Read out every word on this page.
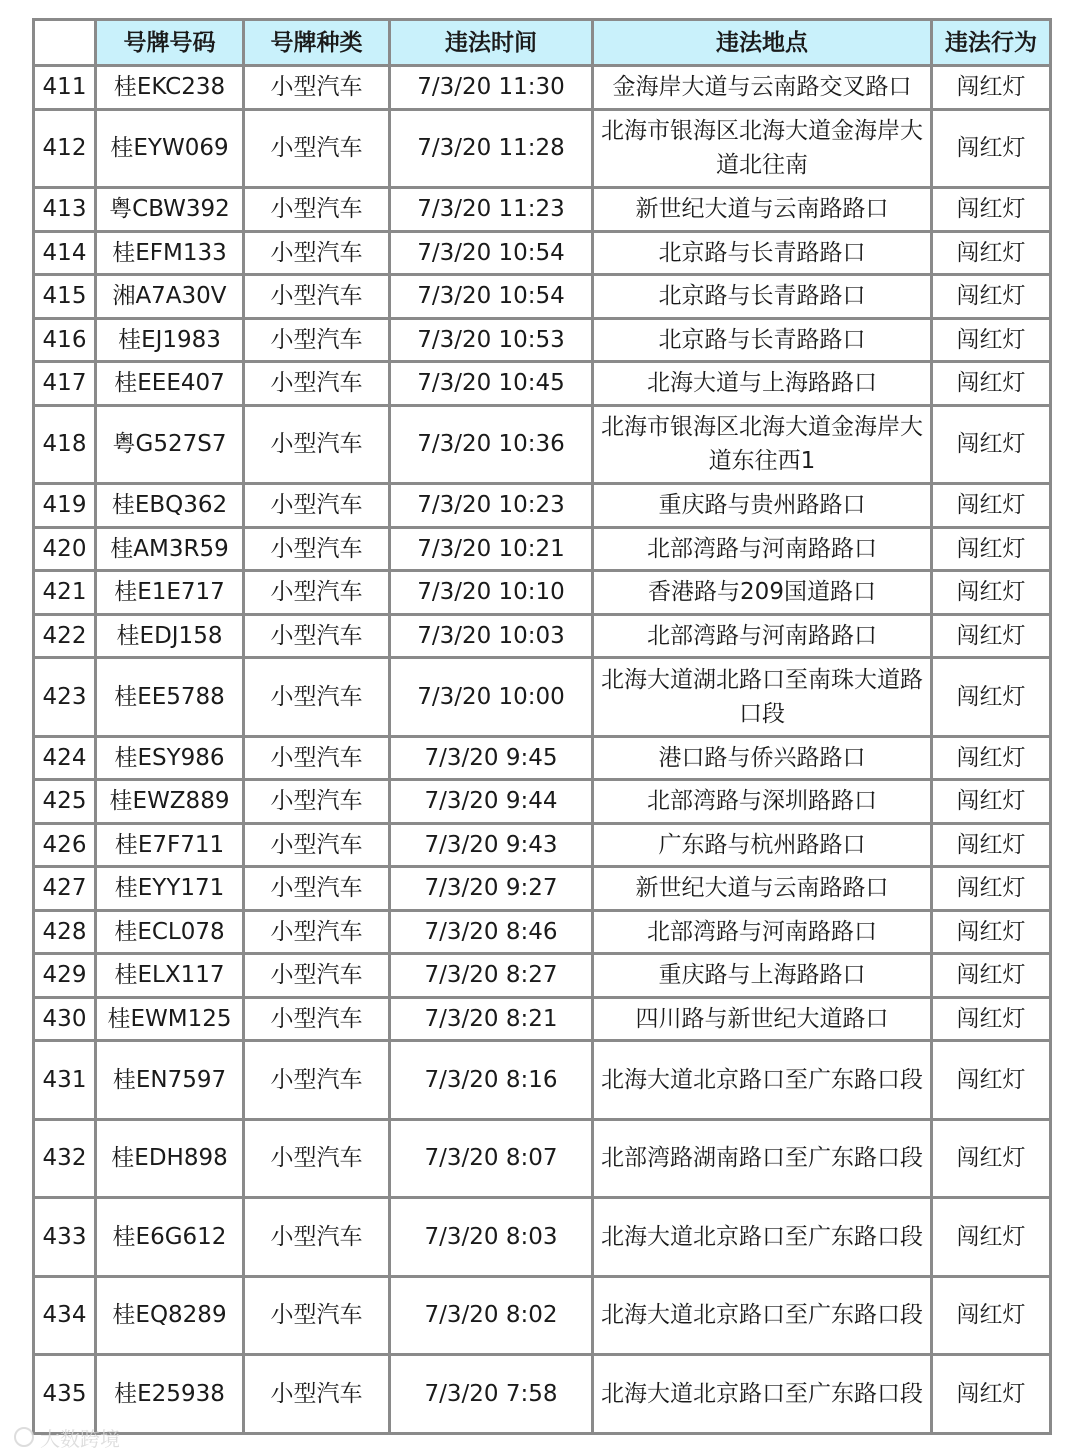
	号牌号码	号牌种类	违法时间	违法地点	违法行为
411	桂EKC238	小型汽车	7/3/20 11:30	金海岸大道与云南路交叉路口	闯红灯
412	桂EYW069	小型汽车	7/3/20 11:28	北海市银海区北海大道金海岸大道北往南	闯红灯
413	粤CBW392	小型汽车	7/3/20 11:23	新世纪大道与云南路路口	闯红灯
414	桂EFM133	小型汽车	7/3/20 10:54	北京路与长青路路口	闯红灯
415	湘A7A30V	小型汽车	7/3/20 10:54	北京路与长青路路口	闯红灯
416	桂EJ1983	小型汽车	7/3/20 10:53	北京路与长青路路口	闯红灯
417	桂EEE407	小型汽车	7/3/20 10:45	北海大道与上海路路口	闯红灯
418	粤G527S7	小型汽车	7/3/20 10:36	北海市银海区北海大道金海岸大道东往西1	闯红灯
419	桂EBQ362	小型汽车	7/3/20 10:23	重庆路与贵州路路口	闯红灯
420	桂AM3R59	小型汽车	7/3/20 10:21	北部湾路与河南路路口	闯红灯
421	桂E1E717	小型汽车	7/3/20 10:10	香港路与209国道路口	闯红灯
422	桂EDJ158	小型汽车	7/3/20 10:03	北部湾路与河南路路口	闯红灯
423	桂EE5788	小型汽车	7/3/20 10:00	北海大道湖北路口至南珠大道路口段	闯红灯
424	桂ESY986	小型汽车	7/3/20 9:45	港口路与侨兴路路口	闯红灯
425	桂EWZ889	小型汽车	7/3/20 9:44	北部湾路与深圳路路口	闯红灯
426	桂E7F711	小型汽车	7/3/20 9:43	广东路与杭州路路口	闯红灯
427	桂EYY171	小型汽车	7/3/20 9:27	新世纪大道与云南路路口	闯红灯
428	桂ECL078	小型汽车	7/3/20 8:46	北部湾路与河南路路口	闯红灯
429	桂ELX117	小型汽车	7/3/20 8:27	重庆路与上海路路口	闯红灯
430	桂EWM125	小型汽车	7/3/20 8:21	四川路与新世纪大道路口	闯红灯
431	桂EN7597	小型汽车	7/3/20 8:16	北海大道北京路口至广东路口段	闯红灯
432	桂EDH898	小型汽车	7/3/20 8:07	北部湾路湖南路口至广东路口段	闯红灯
433	桂E6G612	小型汽车	7/3/20 8:03	北海大道北京路口至广东路口段	闯红灯
434	桂EQ8289	小型汽车	7/3/20 8:02	北海大道北京路口至广东路口段	闯红灯
435	桂E25938	小型汽车	7/3/20 7:58	北海大道北京路口至广东路口段	闯红灯
大数跨境
